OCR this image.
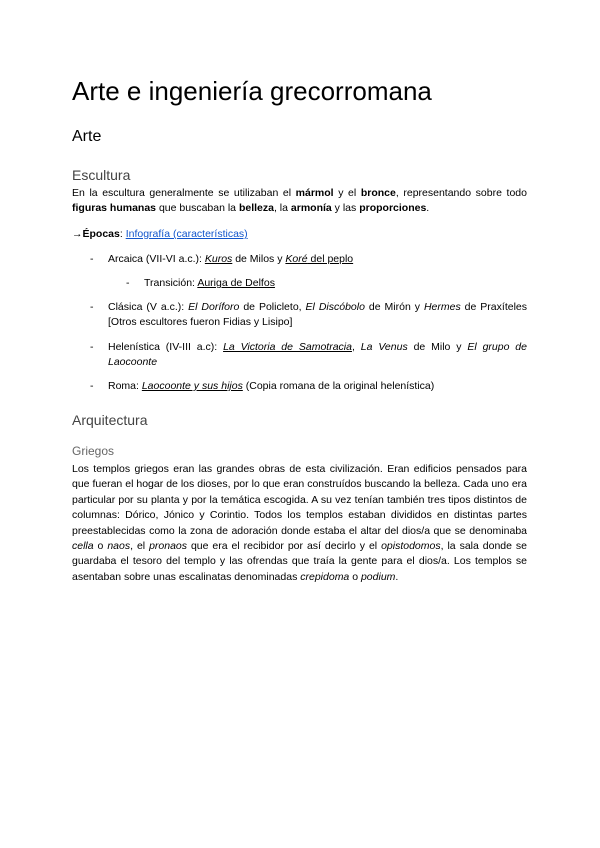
Arte e ingeniería grecorromana
Arte
Escultura

En la escultura generalmente se utilizaban el mármol y el bronce, representando sobre todo figuras humanas que buscaban la belleza, la armonía y las proporciones.

→Épocas: Infografía (características)

- Arcaica (VII-VI a.c.): Kuros de Milos y Koré del peplo
- Transición: Auriga de Delfos
- Clásica (V a.c.): El Doríforo de Policleto, El Discóbolo de Mirón y Hermes de Praxíteles [Otros escultores fueron Fidias y Lisipo]
- Helenística (IV-III a.c): La Victoria de Samotracia, La Venus de Milo y El grupo de Laocoonte
- Roma: Laocoonte y sus hijos (Copia romana de la original helenística)
Arquitectura
Griegos

Los templos griegos eran las grandes obras de esta civilización. Eran edificios pensados para que fueran el hogar de los dioses, por lo que eran construídos buscando la belleza. Cada uno era particular por su planta y por la temática escogida. A su vez tenían también tres tipos distintos de columnas: Dórico, Jónico y Corintio. Todos los templos estaban divididos en distintas partes preestablecidas como la zona de adoración donde estaba el altar del dios/a que se denominaba cella o naos, el pronaos que era el recibidor por así decirlo y el opistodomos, la sala donde se guardaba el tesoro del templo y las ofrendas que traía la gente para el dios/a. Los templos se asentaban sobre unas escalinatas denominadas crepidoma o podium.
